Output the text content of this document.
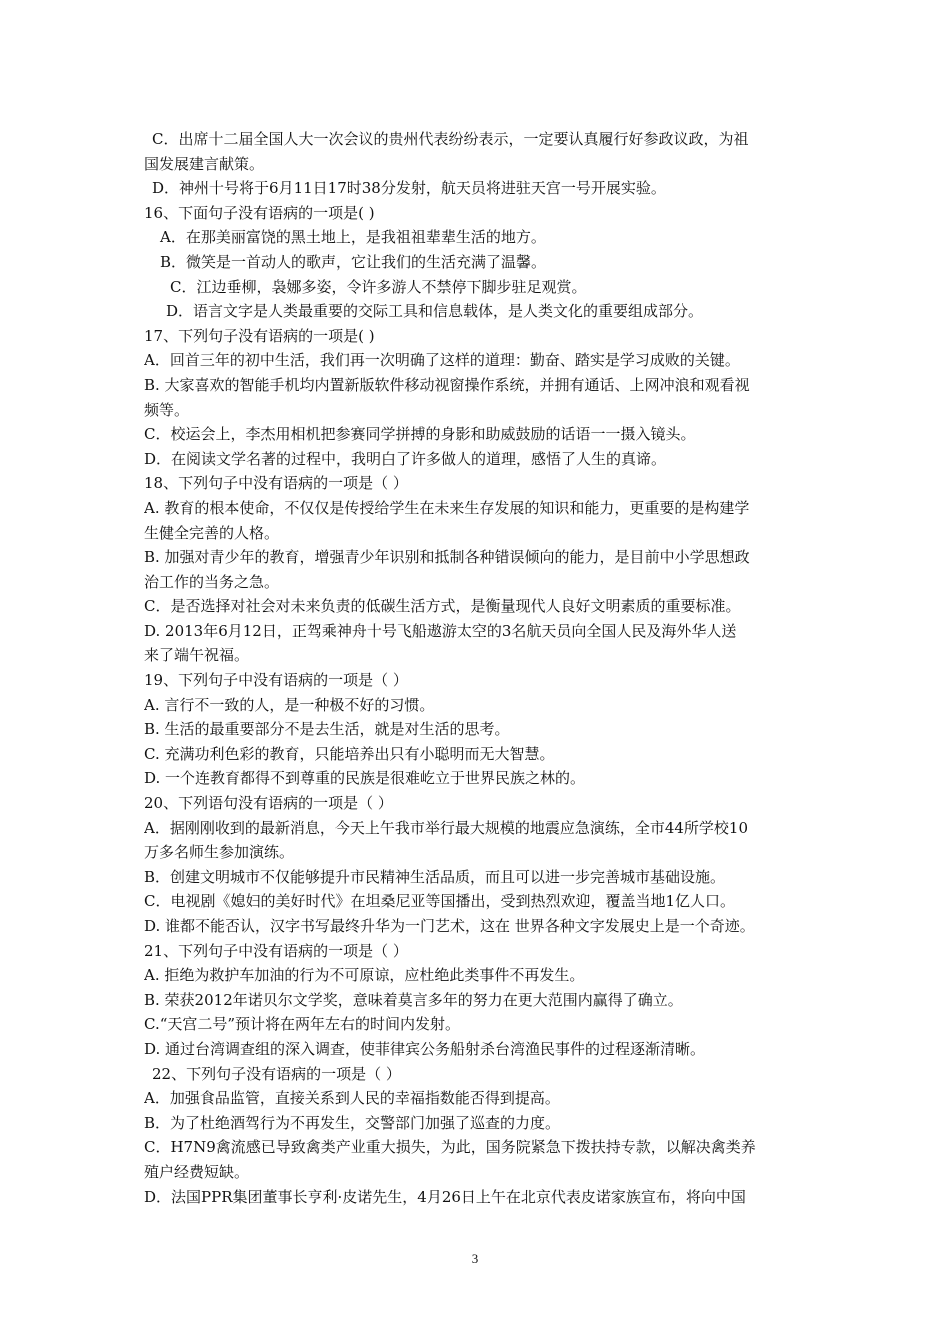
C．出席十二届全国人大一次会议的贵州代表纷纷表示，一定要认真履行好参政议政，为祖
国发展建言献策。
D．神州十号将于6月11日17时38分发射，航天员将进驻天宫一号开展实验。
16、下面句子没有语病的一项是( )
A．在那美丽富饶的黑土地上，是我祖祖辈辈生活的地方。
B．微笑是一首动人的歌声，它让我们的生活充满了温馨。
C．江边垂柳，袅娜多姿，令许多游人不禁停下脚步驻足观赏。
D．语言文字是人类最重要的交际工具和信息载体，是人类文化的重要组成部分。
17、下列句子没有语病的一项是( )
A．回首三年的初中生活，我们再一次明确了这样的道理：勤奋、踏实是学习成败的关键。
B. 大家喜欢的智能手机均内置新版软件移动视窗操作系统，并拥有通话、上网冲浪和观看视
频等。
C．校运会上，李杰用相机把参赛同学拼搏的身影和助威鼓励的话语一一摄入镜头。
D．在阅读文学名著的过程中，我明白了许多做人的道理，感悟了人生的真谛。
18、下列句子中没有语病的一项是（ ）
A. 教育的根本使命，不仅仅是传授给学生在未来生存发展的知识和能力，更重要的是构建学
生健全完善的人格。
B. 加强对青少年的教育，增强青少年识别和抵制各种错误倾向的能力，是目前中小学思想政
治工作的当务之急。
C．是否选择对社会对未来负责的低碳生活方式，是衡量现代人良好文明素质的重要标准。
D. 2013年6月12日，正驾乘神舟十号飞船遨游太空的3名航天员向全国人民及海外华人送
来了端午祝福。
19、下列句子中没有语病的一项是（ ）
A. 言行不一致的人，是一种极不好的习惯。
B. 生活的最重要部分不是去生活，就是对生活的思考。
C. 充满功利色彩的教育，只能培养出只有小聪明而无大智慧。
D. 一个连教育都得不到尊重的民族是很难屹立于世界民族之林的。
20、下列语句没有语病的一项是（ ）
A．据刚刚收到的最新消息，今天上午我市举行最大规模的地震应急演练，全市44所学校10
万多名师生参加演练。
B．创建文明城市不仅能够提升市民精神生活品质，而且可以进一步完善城市基础设施。
C．电视剧《媳妇的美好时代》在坦桑尼亚等国播出，受到热烈欢迎，覆盖当地1亿人口。
D. 谁都不能否认，汉字书写最终升华为一门艺术，这在 世界各种文字发展史上是一个奇迹。
21、下列句子中没有语病的一项是（ ）
A. 拒绝为救护车加油的行为不可原谅，应杜绝此类事件不再发生。
B. 荣获2012年诺贝尔文学奖，意味着莫言多年的努力在更大范围内赢得了确立。
C.“天宫二号”预计将在两年左右的时间内发射。
D. 通过台湾调查组的深入调查，使菲律宾公务船射杀台湾渔民事件的过程逐渐清晰。
22、下列句子没有语病的一项是（ ）
A．加强食品监管，直接关系到人民的幸福指数能否得到提高。
B．为了杜绝酒驾行为不再发生，交警部门加强了巡查的力度。
C．H7N9禽流感已导致禽类产业重大损失，为此，国务院紧急下拨扶持专款，以解决禽类养
殖户经费短缺。
D．法国PPR集团董事长亨利·皮诺先生，4月26日上午在北京代表皮诺家族宣布，将向中国
3
